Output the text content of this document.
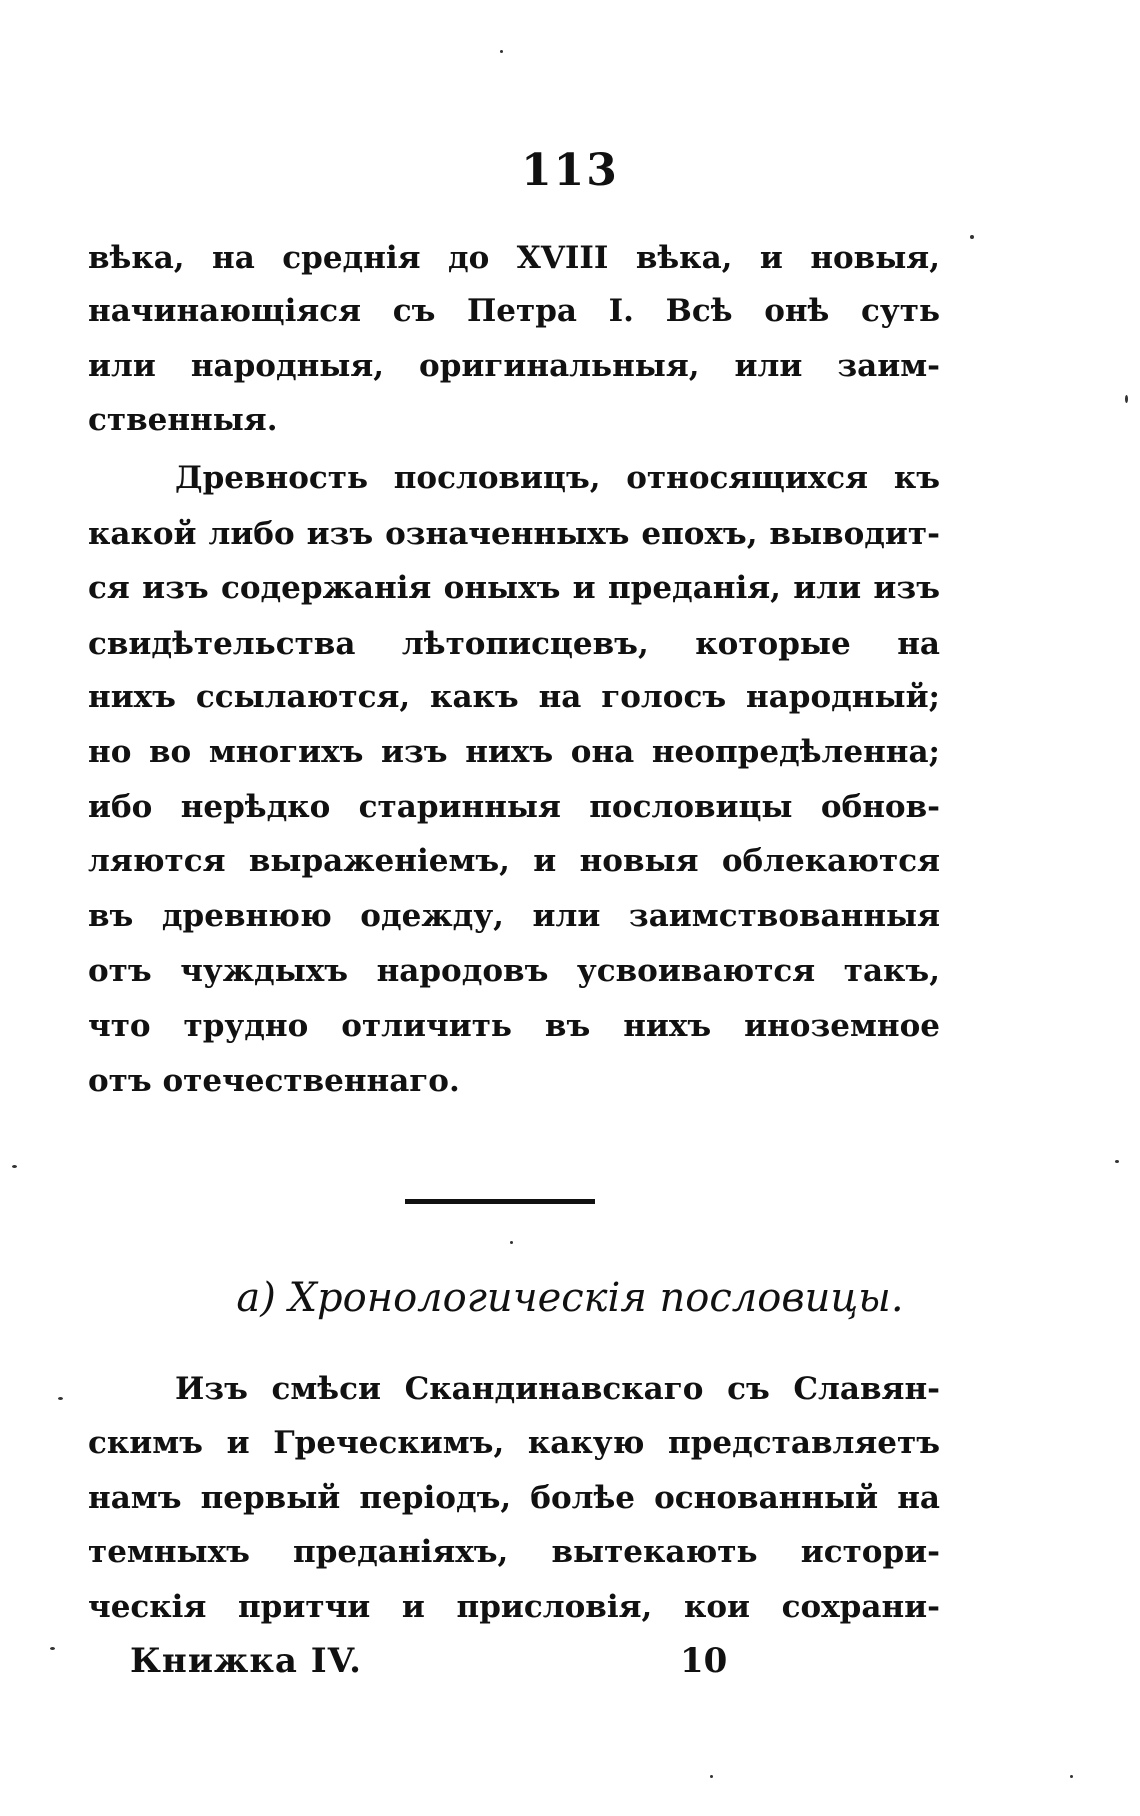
113
вѣка, на среднія до XVIII вѣка, и новыя,
начинающіяся съ Петра I. Всѣ онѣ суть
или народныя, оригинальныя, или заим-
ственныя.
Древность пословицъ, относящихся къ
какой либо изъ означенныхъ епохъ, выводит-
ся изъ содержанія оныхъ и преданія, или изъ
свидѣтельства лѣтописцевъ, которые на
нихъ ссылаются, какъ на голосъ народный;
но во многихъ изъ нихъ она неопредѣленна;
ибо нерѣдко старинныя пословицы обнов-
ляются выраженіемъ, и новыя облекаются
въ древнюю одежду, или заимствованныя
отъ чуждыхъ народовъ усвоиваются такъ,
что трудно отличить въ нихъ иноземное
отъ отечественнаго.
а) Хронологическія пословицы.
Изъ смѣси Скандинавскаго съ Славян-
скимъ и Греческимъ, какую представляетъ
намъ первый періодъ, болѣе основанный на
темныхъ преданіяхъ, вытекають истори-
ческія притчи и присловія, кои сохрани-
Книжка IV.	10
